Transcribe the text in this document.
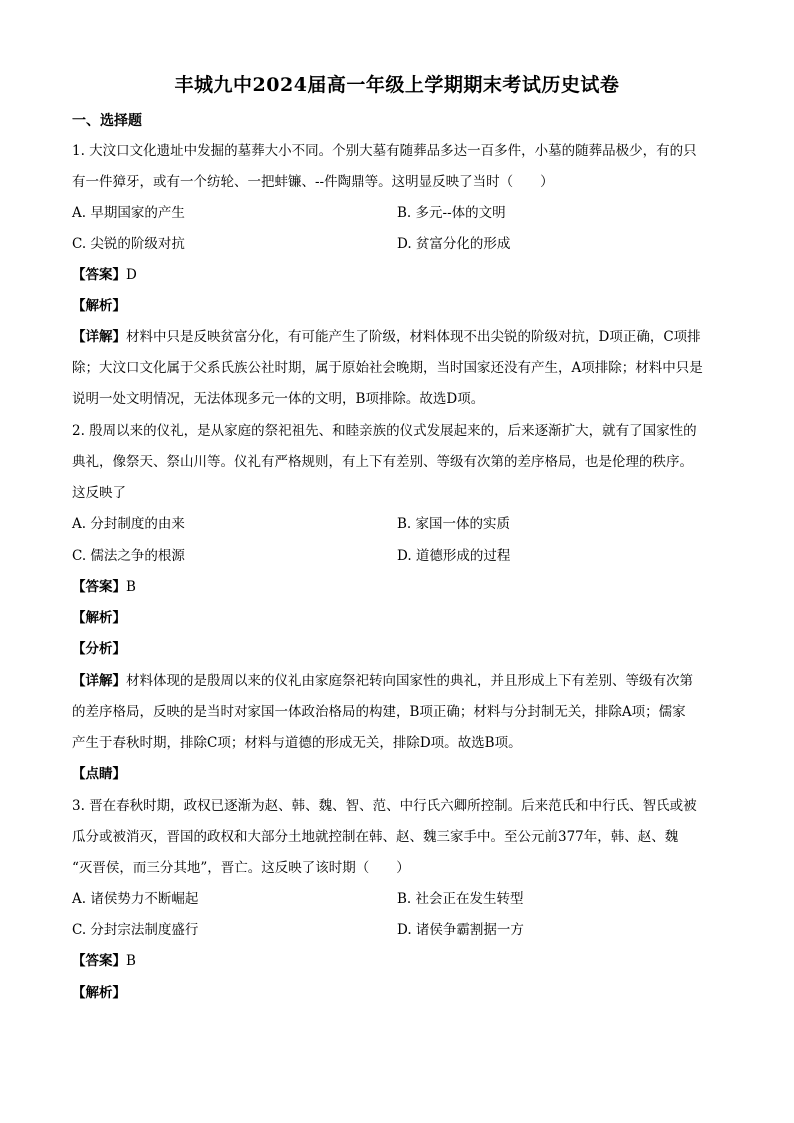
丰城九中2024届高一年级上学期期末考试历史试卷
一、选择题
1. 大汶口文化遗址中发掘的墓葬大小不同。个别大墓有随葬品多达一百多件，小墓的随葬品极少，有的只
有一件獐牙，或有一个纺轮、一把蚌镰、--件陶鼎等。这明显反映了当时（　　）
A. 早期国家的产生	B. 多元--体的文明
C. 尖锐的阶级对抗	D. 贫富分化的形成
【答案】D
【解析】
【详解】材料中只是反映贫富分化，有可能产生了阶级，材料体现不出尖锐的阶级对抗，D项正确，C项排
除；大汶口文化属于父系氏族公社时期，属于原始社会晚期，当时国家还没有产生，A项排除；材料中只是
说明一处文明情况，无法体现多元一体的文明，B项排除。故选D项。
2. 殷周以来的仪礼，是从家庭的祭祀祖先、和睦亲族的仪式发展起来的，后来逐渐扩大，就有了国家性的
典礼，像祭天、祭山川等。仪礼有严格规则，有上下有差别、等级有次第的差序格局，也是伦理的秩序。
这反映了
A. 分封制度的由来	B. 家国一体的实质
C. 儒法之争的根源	D. 道德形成的过程
【答案】B
【解析】
【分析】
【详解】材料体现的是殷周以来的仪礼由家庭祭祀转向国家性的典礼，并且形成上下有差别、等级有次第
的差序格局，反映的是当时对家国一体政治格局的构建，B项正确；材料与分封制无关，排除A项；儒家
产生于春秋时期，排除C项；材料与道德的形成无关，排除D项。故选B项。
【点睛】
3. 晋在春秋时期，政权已逐渐为赵、韩、魏、智、范、中行氏六卿所控制。后来范氏和中行氏、智氏或被
瓜分或被消灭，晋国的政权和大部分土地就控制在韩、赵、魏三家手中。至公元前377年，韩、赵、魏
“灭晋侯，而三分其地”，晋亡。这反映了该时期（　　）
A. 诸侯势力不断崛起	B. 社会正在发生转型
C. 分封宗法制度盛行	D. 诸侯争霸割据一方
【答案】B
【解析】
